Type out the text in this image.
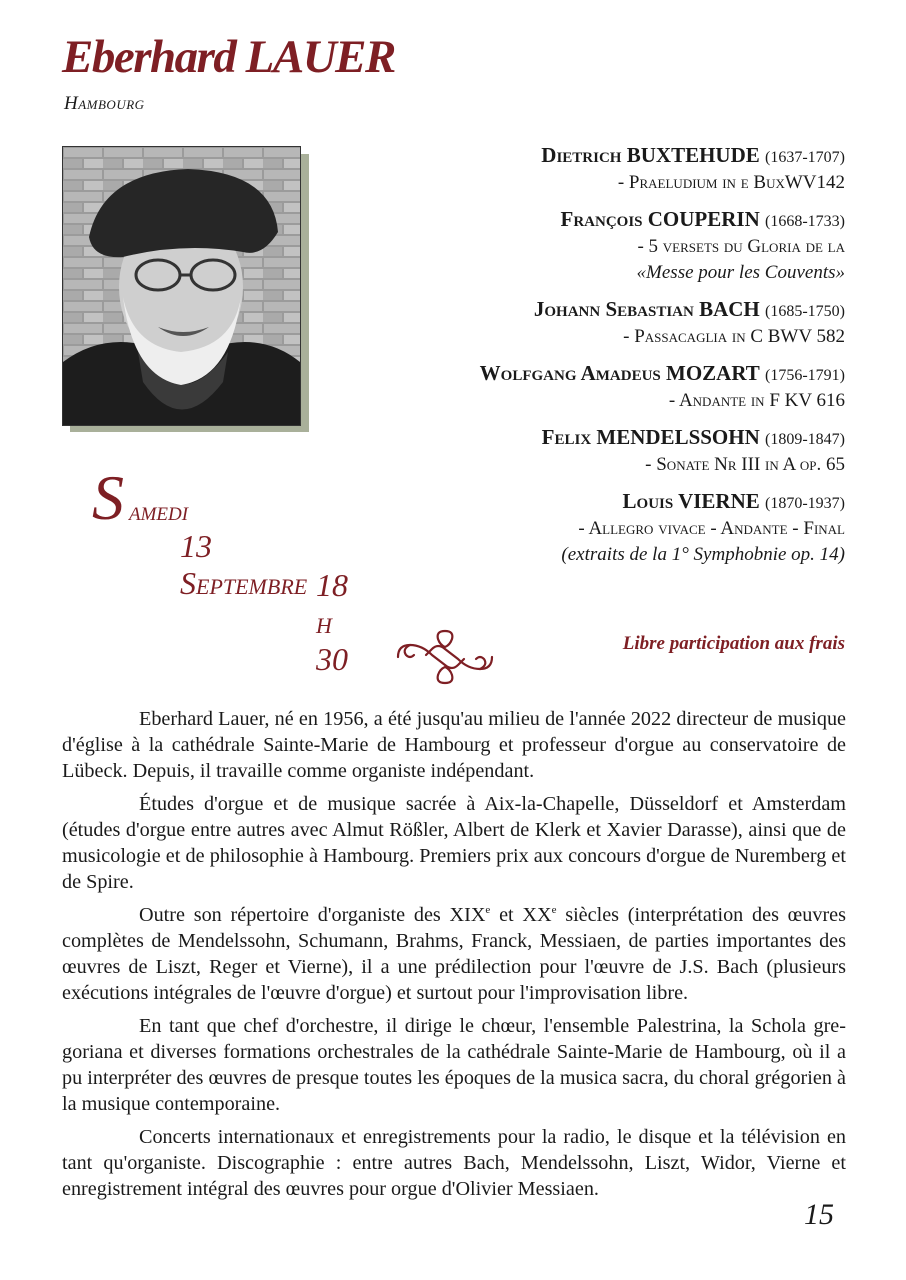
Eberhard LAUER
Hambourg
Dietrich BUXTEHUDE (1637-1707)
- Praeludium in e BuxWV142
François COUPERIN (1668-1733)
- 5 versets du Gloria de la
«Messe pour les Couvents»
Johann Sebastian BACH (1685-1750)
- Passacaglia in C BWV 582
Wolfgang Amadeus MOZART (1756-1791)
- Andante in F KV 616
Felix MENDELSSOHN (1809-1847)
- Sonate Nr III in A op. 65
Louis VIERNE (1870-1937)
- Allegro vivace - Andante - Final
(extraits de la 1° Symphobnie op. 14)
S amedi
13 Septembre 18 h 30	Libre participation aux frais

Eberhard Lauer, né en 1956, a été jusqu'au milieu de l'année 2022 directeur de musique d'église à la cathédrale Sainte-Marie de Hambourg et professeur d'orgue au conservatoire de Lübeck. Depuis, il travaille comme organiste indépendant.

Études d'orgue et de musique sacrée à Aix-la-Chapelle, Düsseldorf et Amsterdam (études d'orgue entre autres avec Almut Rößler, Albert de Klerk et Xavier Darasse), ainsi que de musicologie et de philosophie à Hambourg. Premiers prix aux concours d'orgue de Nuremberg et de Spire.

Outre son répertoire d'organiste des XIXe et XXe siècles (interprétation des œuvres complètes de Mendelssohn, Schumann, Brahms, Franck, Messiaen, de parties importantes des œuvres de Liszt, Reger et Vierne), il a une prédilection pour l'œuvre de J.S. Bach (plusieurs exécutions intégrales de l'œuvre d'orgue) et surtout pour l'improvisation libre.

En tant que chef d'orchestre, il dirige le chœur, l'ensemble Palestrina, la Schola gregoriana et diverses formations orchestrales de la cathédrale Sainte-Marie de Hambourg, où il a pu interpréter des œuvres de presque toutes les époques de la musica sacra, du choral grégorien à la musique contemporaine.

Concerts internationaux et enregistrements pour la radio, le disque et la télévision en tant qu'organiste. Discographie : entre autres Bach, Mendelssohn, Liszt, Widor, Vierne et enregistrement intégral des œuvres pour orgue d'Olivier Messiaen.

15
